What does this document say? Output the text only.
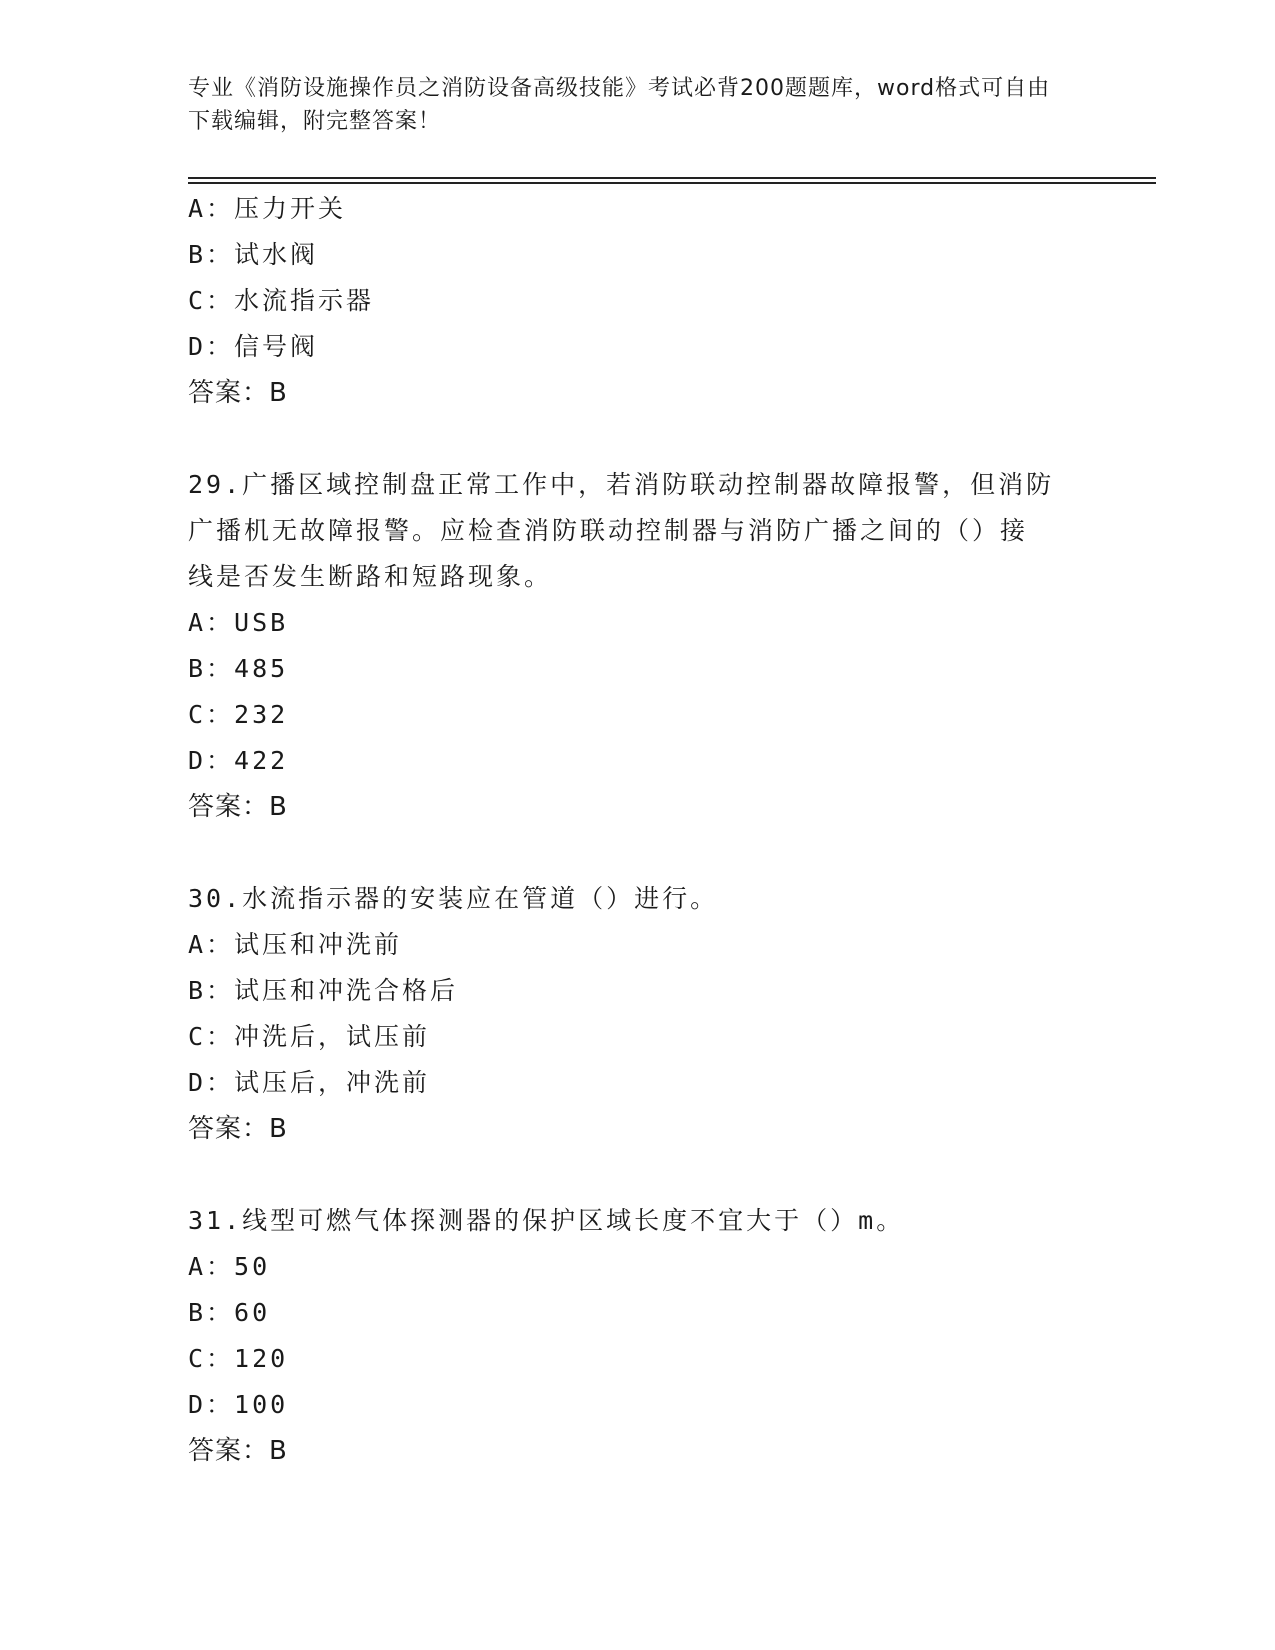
专业《消防设施操作员之消防设备高级技能》考试必背200题题库，word格式可自由下载编辑，附完整答案！
A：压力开关
B：试水阀
C：水流指示器
D：信号阀
答案：B
29.广播区域控制盘正常工作中，若消防联动控制器故障报警，但消防
广播机无故障报警。应检查消防联动控制器与消防广播之间的（）接
线是否发生断路和短路现象。
A：USB
B：485
C：232
D：422
答案：B
30.水流指示器的安装应在管道（）进行。
A：试压和冲洗前
B：试压和冲洗合格后
C：冲洗后，试压前
D：试压后，冲洗前
答案：B
31.线型可燃气体探测器的保护区域长度不宜大于（）m。
A：50
B：60
C：120
D：100
答案：B
